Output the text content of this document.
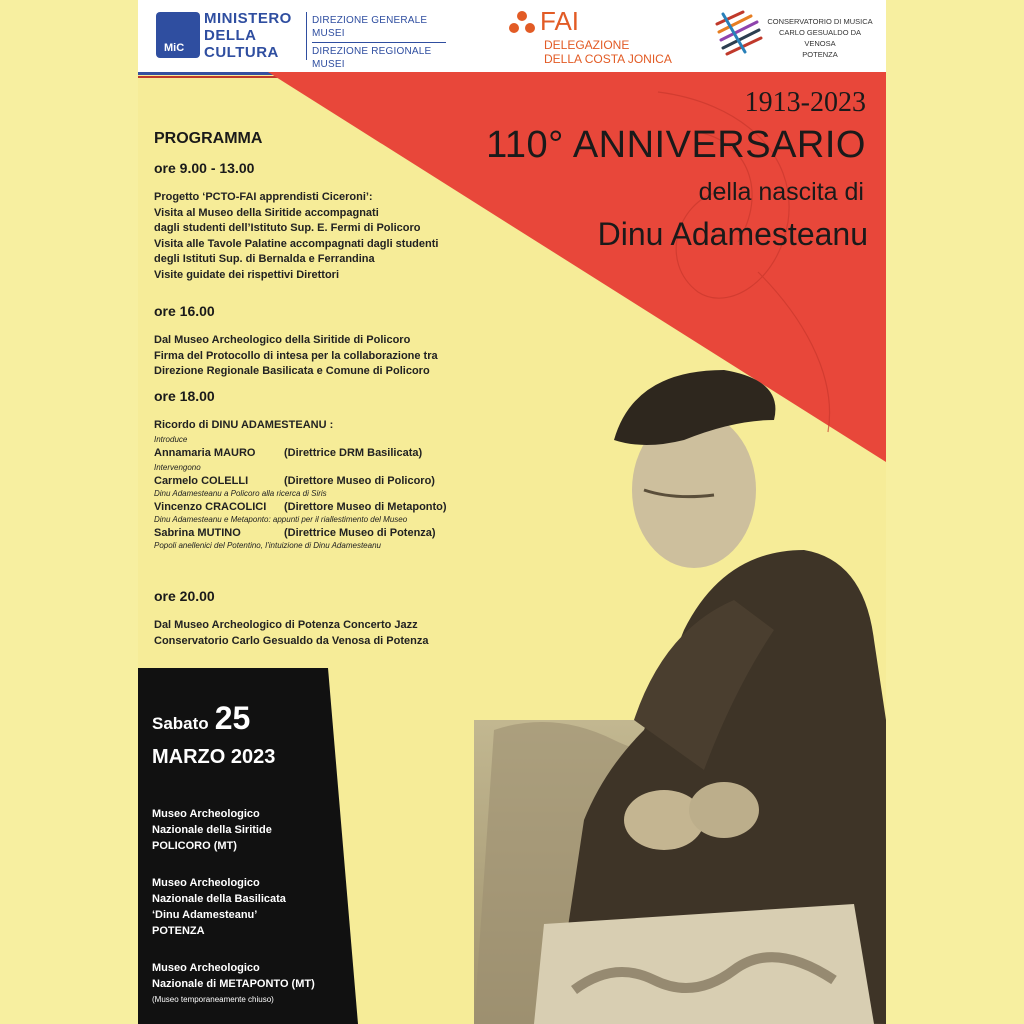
MiC
MINISTERO
DELLA
CULTURA
DIREZIONE GENERALE MUSEI
DIREZIONE REGIONALE MUSEI
FAI
DELEGAZIONE
DELLA COSTA JONICA
CONSERVATORIO DI MUSICA
CARLO GESUALDO DA VENOSA
POTENZA
1913-2023
110° ANNIVERSARIO
della nascita di
Dinu Adamesteanu
PROGRAMMA
ore 9.00 - 13.00
Progetto ‘PCTO-FAI apprendisti Ciceroni’:
Visita al Museo della Siritide accompagnati
dagli studenti dell’Istituto Sup. E. Fermi di Policoro
Visita alle Tavole Palatine accompagnati dagli studenti
degli Istituti Sup. di Bernalda e Ferrandina
Visite guidate dei rispettivi Direttori
ore 16.00
Dal Museo Archeologico della Siritide di Policoro
Firma del Protocollo di intesa per la collaborazione tra
Direzione Regionale Basilicata e Comune di Policoro
ore 18.00
Ricordo di DINU ADAMESTEANU :
Introduce
Annamaria MAURO	(Direttrice DRM Basilicata)
Intervengono
Carmelo COLELLI	(Direttore Museo di Policoro)
Dinu Adamesteanu a Policoro alla ricerca di Siris
Vincenzo CRACOLICI	(Direttore Museo di Metaponto)
Dinu Adamesteanu e Metaponto: appunti per il riallestimento del Museo
Sabrina MUTINO	(Direttrice Museo di Potenza)
Popoli anellenici del Potentino, l’intuizione di Dinu Adamesteanu
ore 20.00
Dal Museo Archeologico di Potenza Concerto Jazz
Conservatorio Carlo Gesualdo da Venosa di Potenza
Sabato 25
MARZO 2023
Museo Archeologico
Nazionale della Siritide
POLICORO (MT)
Museo Archeologico
Nazionale della Basilicata
‘Dinu Adamesteanu’
POTENZA
Museo Archeologico
Nazionale di METAPONTO (MT)
(Museo temporaneamente chiuso)
